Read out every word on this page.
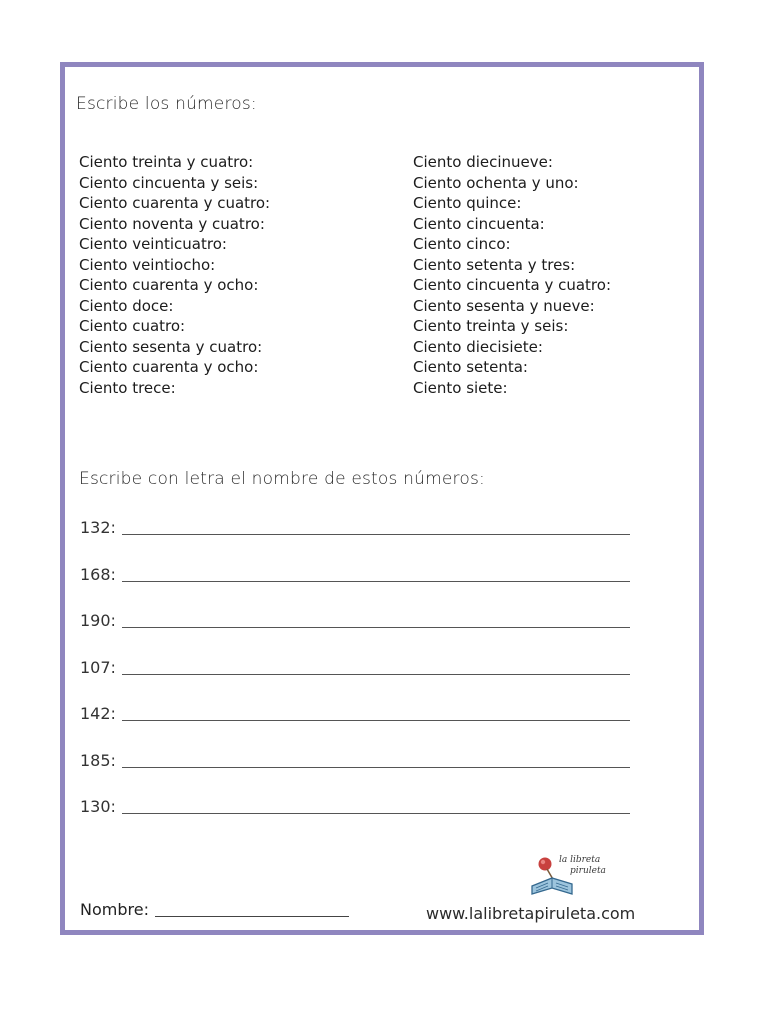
Escribe los números:
Ciento treinta y cuatro:
Ciento cincuenta y seis:
Ciento cuarenta y cuatro:
Ciento noventa y cuatro:
Ciento veinticuatro:
Ciento veintiocho:
Ciento cuarenta y ocho:
Ciento doce:
Ciento cuatro:
Ciento sesenta y cuatro:
Ciento cuarenta y ocho:
Ciento trece:
Ciento diecinueve:
Ciento ochenta y uno:
Ciento quince:
Ciento cincuenta:
Ciento cinco:
Ciento setenta y tres:
Ciento cincuenta y cuatro:
Ciento sesenta y nueve:
Ciento treinta y seis:
Ciento diecisiete:
Ciento setenta:
Ciento siete:
Escribe con letra el nombre de estos números:
132:
168:
190:
107:
142:
185:
130:
Nombre:
la libreta
piruleta
www.lalibretapiruleta.com
